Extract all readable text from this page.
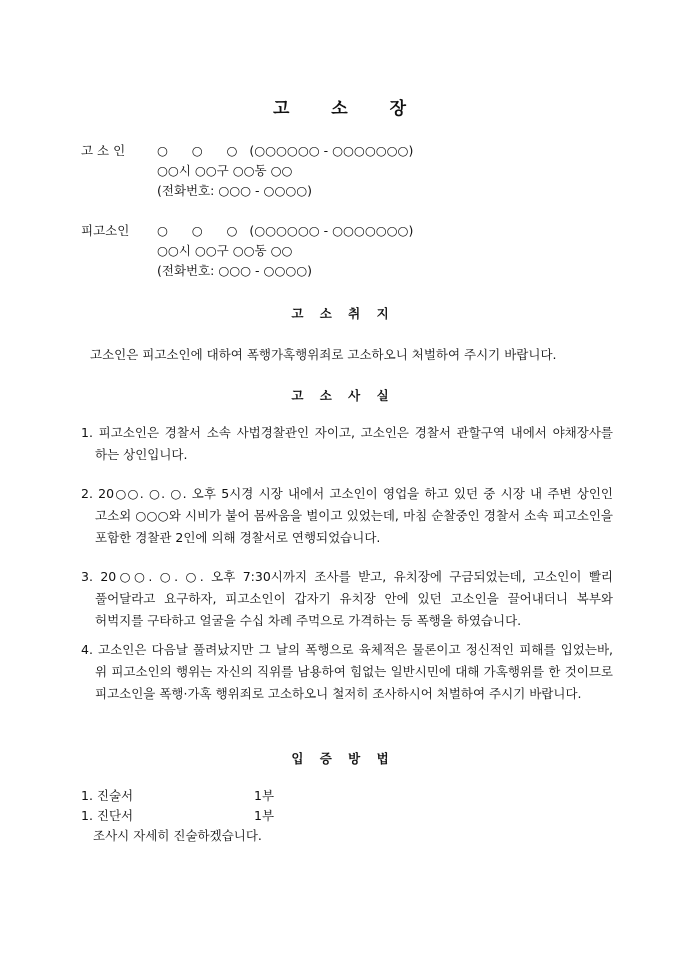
고 소 장
고 소 인	○      ○      ○   (○○○○○○ - ○○○○○○○)
○○시 ○○구 ○○동 ○○
(전화번호: ○○○ - ○○○○)
피고소인	○      ○      ○   (○○○○○○ - ○○○○○○○)
○○시 ○○구 ○○동 ○○
(전화번호: ○○○ - ○○○○)
고 소 취 지
고소인은 피고소인에 대하여 폭행가혹행위죄로 고소하오니 처벌하여 주시기 바랍니다.
고 소 사 실
1. 피고소인은 경찰서 소속 사법경찰관인 자이고, 고소인은 경찰서 관할구역 내에서 야채장사를 하는 상인입니다.
2. 20○○. ○. ○. 오후 5시경 시장 내에서 고소인이 영업을 하고 있던 중 시장 내 주변 상인인 고소외 ○○○와 시비가 붙어 몸싸움을 벌이고 있었는데, 마침 순찰중인 경찰서 소속 피고소인을 포함한 경찰관 2인에 의해 경찰서로 연행되었습니다.
3. 20○○. ○. ○. 오후 7:30시까지 조사를 받고, 유치장에 구금되었는데, 고소인이 빨리 풀어달라고 요구하자, 피고소인이 갑자기 유치장 안에 있던 고소인을 끌어내더니 복부와 허벅지를 구타하고 얼굴을 수십 차례 주먹으로 가격하는 등 폭행을 하였습니다.
4. 고소인은 다음날 풀려났지만 그 날의 폭행으로 육체적은 물론이고 정신적인 피해를 입었는바, 위 피고소인의 행위는 자신의 직위를 남용하여 힘없는 일반시민에 대해 가혹행위를 한 것이므로 피고소인을 폭행·가혹 행위죄로 고소하오니 철저히 조사하시어 처벌하여 주시기 바랍니다.
입 증 방 법
1. 진술서	1부
1. 진단서	1부
조사시 자세히 진술하겠습니다.
